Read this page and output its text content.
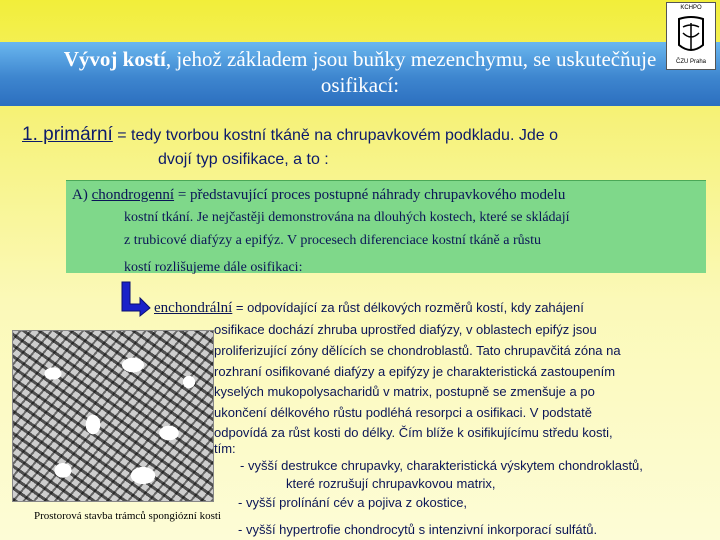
Vývoj kostí, jehož základem jsou buňky mezenchymu, se uskutečňuje
osifikací:
KCHPO
ČZU Praha
1. primární = tedy tvorbou kostní tkáně na chrupavkovém podkladu. Jde o
dvojí typ osifikace, a to :
A) chondrogenní = představující proces postupné náhrady chrupavkového modelu
kostní tkání. Je nejčastěji demonstrována na dlouhých kostech, které se skládají
z trubicové diafýzy a epifýz. V procesech diferenciace kostní tkáně a růstu
kostí rozlišujeme dále osifikaci:
enchondrální = odpovídající za růst délkových rozměrů kostí, kdy zahájení
osifikace dochází zhruba uprostřed diafýzy, v oblastech epifýz jsou
proliferizující zóny dělících se chondroblastů. Tato chrupavčitá zóna na
rozhraní osifikované diafýzy a epifýzy je charakteristická zastoupením
kyselých mukopolysacharidů v matrix, postupně se zmenšuje a po
ukončení délkového růstu podléhá resorpci a osifikaci. V podstatě
odpovídá za růst kosti do délky. Čím blíže k osifikujícímu středu kosti,
tím:
- vyšší destrukce chrupavky, charakteristická výskytem chondroklastů,
které rozrušují chrupavkovou matrix,
- vyšší prolínání cév a pojiva z okostice,
- vyšší hypertrofie chondrocytů s intenzivní inkorporací sulfátů.
Prostorová stavba trámců spongiózní kosti
